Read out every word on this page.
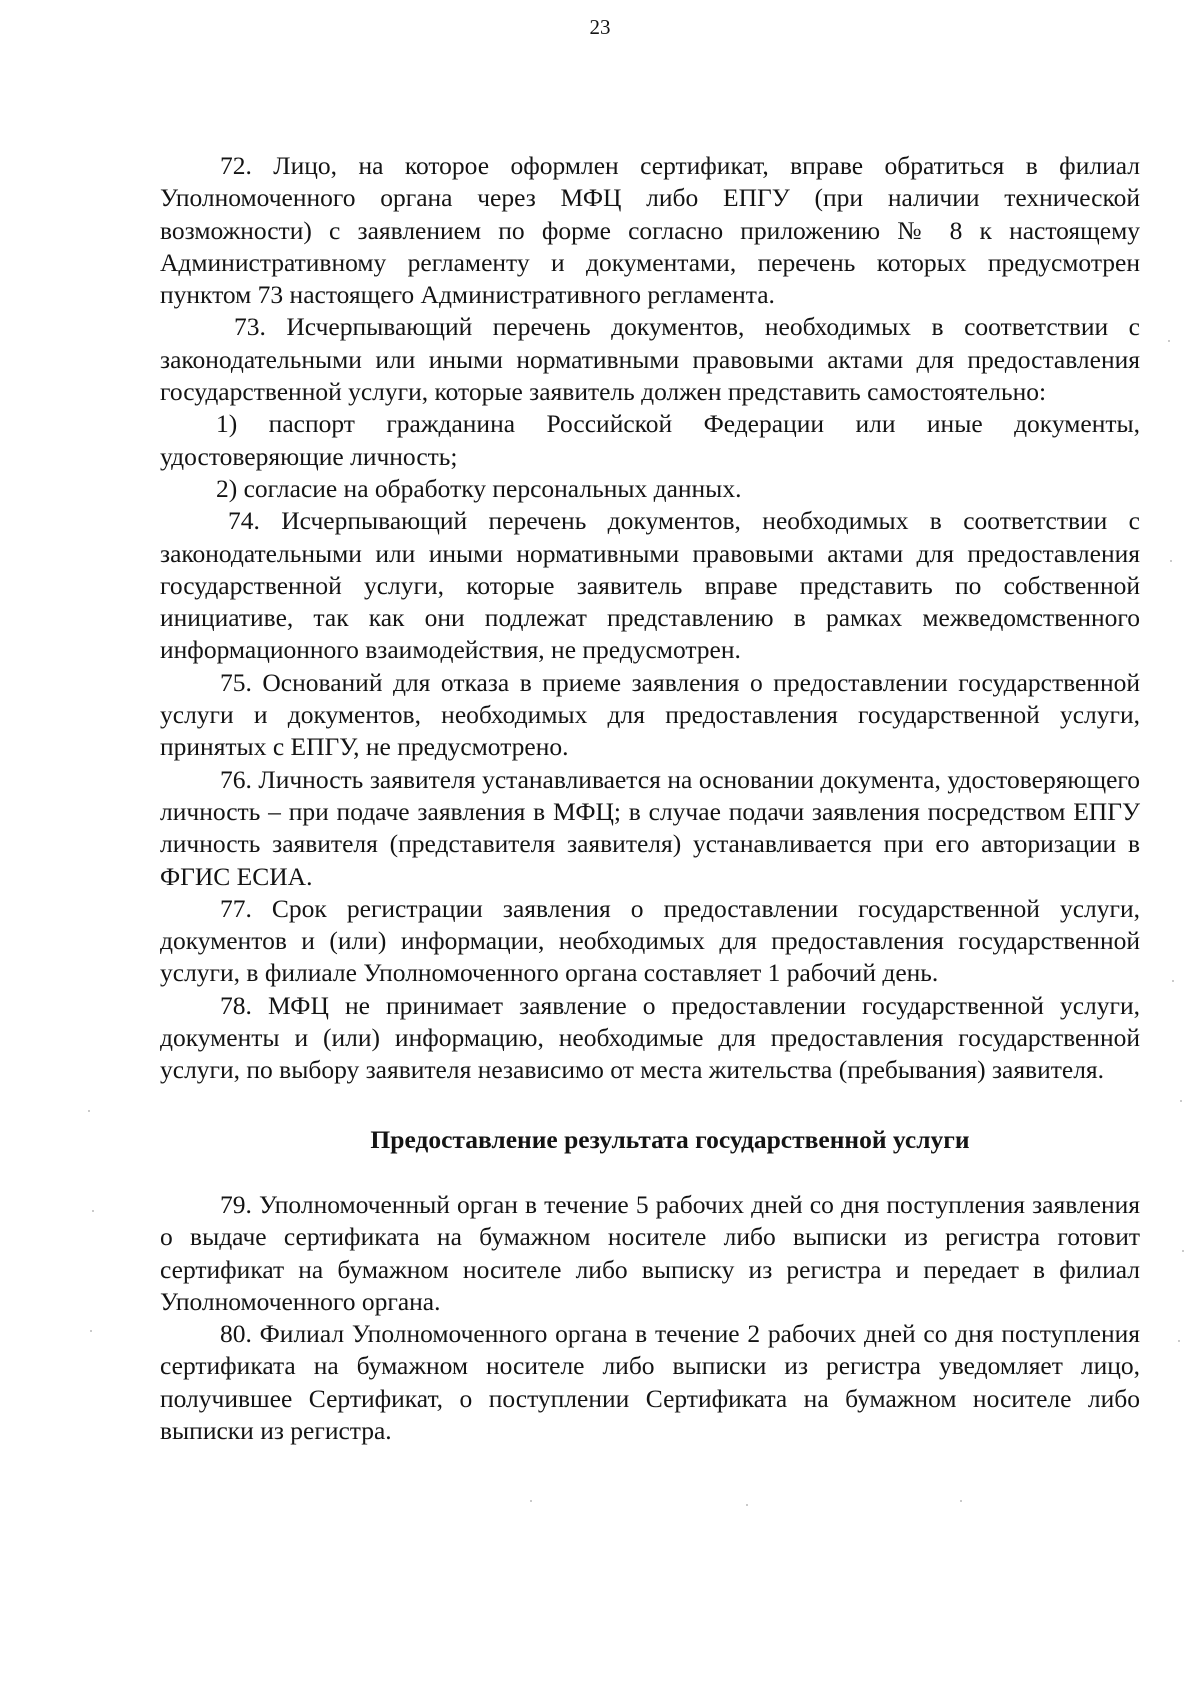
23

72. Лицо, на которое оформлен сертификат, вправе обратиться в филиал Уполномоченного органа через МФЦ либо ЕПГУ (при наличии технической возможности) с заявлением по форме согласно приложению № 8 к настоящему Административному регламенту и документами, перечень которых предусмотрен пунктом 73 настоящего Административного регламента.

73. Исчерпывающий перечень документов, необходимых в соответствии с законодательными или иными нормативными правовыми актами для предоставления государственной услуги, которые заявитель должен представить самостоятельно:

1) паспорт гражданина Российской Федерации или иные документы, удостоверяющие личность;

2) согласие на обработку персональных данных.

74. Исчерпывающий перечень документов, необходимых в соответствии с законодательными или иными нормативными правовыми актами для предоставления государственной услуги, которые заявитель вправе представить по собственной инициативе, так как они подлежат представлению в рамках межведомственного информационного взаимодействия, не предусмотрен.

75. Оснований для отказа в приеме заявления о предоставлении государственной услуги и документов, необходимых для предоставления государственной услуги, принятых с ЕПГУ, не предусмотрено.

76. Личность заявителя устанавливается на основании документа, удостоверяющего личность – при подаче заявления в МФЦ; в случае подачи заявления посредством ЕПГУ личность заявителя (представителя заявителя) устанавливается при его авторизации в ФГИС ЕСИА.

77. Срок регистрации заявления о предоставлении государственной услуги, документов и (или) информации, необходимых для предоставления государственной услуги, в филиале Уполномоченного органа составляет 1 рабочий день.

78. МФЦ не принимает заявление о предоставлении государственной услуги, документы и (или) информацию, необходимые для предоставления государственной услуги, по выбору заявителя независимо от места жительства (пребывания) заявителя.

Предоставление результата государственной услуги

79. Уполномоченный орган в течение 5 рабочих дней со дня поступления заявления о выдаче сертификата на бумажном носителе либо выписки из регистра готовит сертификат на бумажном носителе либо выписку из регистра и передает в филиал Уполномоченного органа.

80. Филиал Уполномоченного органа в течение 2 рабочих дней со дня поступления сертификата на бумажном носителе либо выписки из регистра уведомляет лицо, получившее Сертификат, о поступлении Сертификата на бумажном носителе либо выписки из регистра.
